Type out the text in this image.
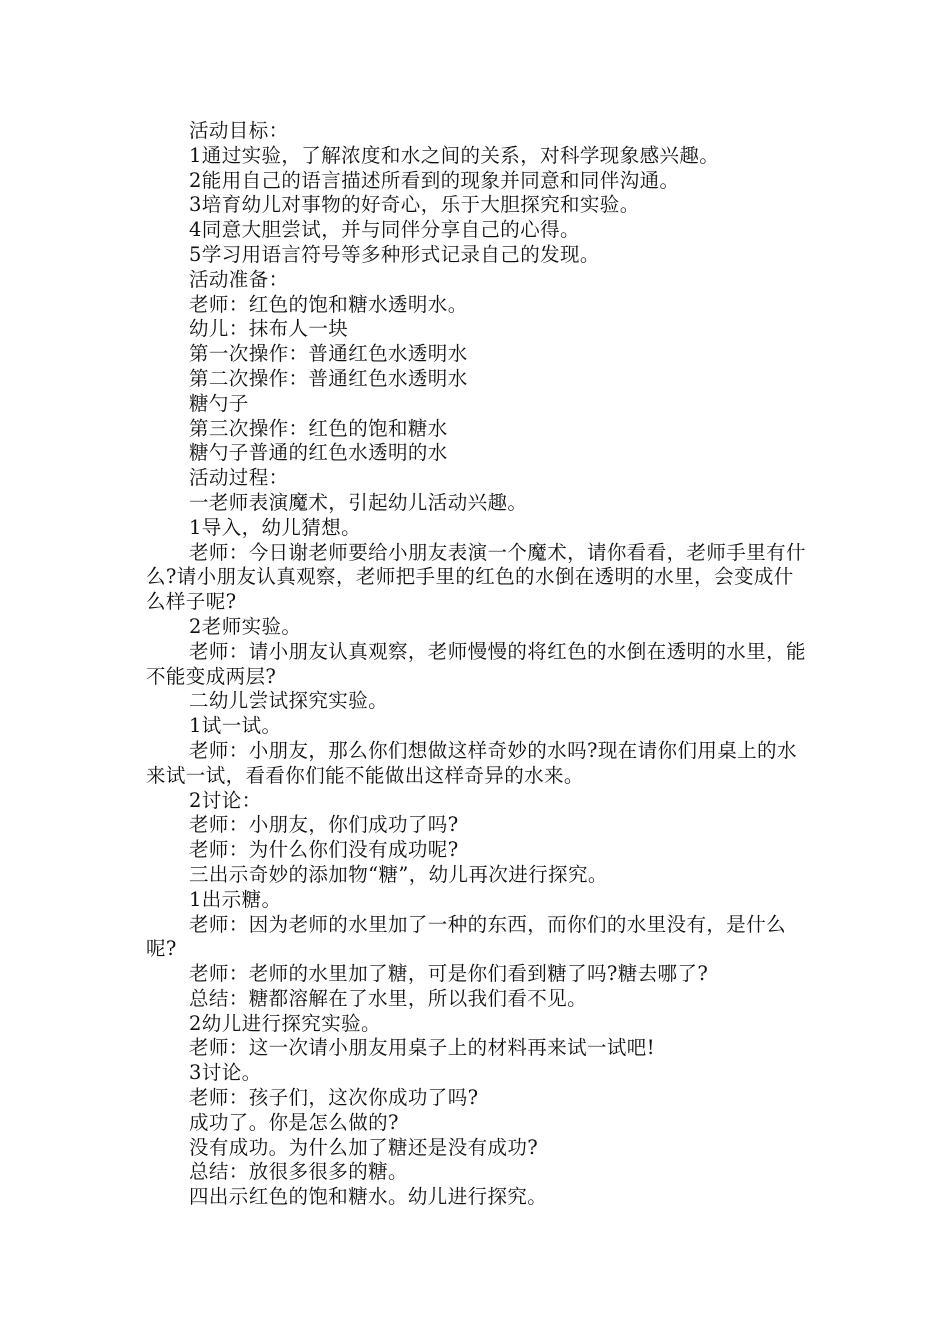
活动目标：

1通过实验，了解浓度和水之间的关系，对科学现象感兴趣。

2能用自己的语言描述所看到的现象并同意和同伴沟通。

3培育幼儿对事物的好奇心，乐于大胆探究和实验。

4同意大胆尝试，并与同伴分享自己的心得。

5学习用语言符号等多种形式记录自己的发现。

活动准备：

老师：红色的饱和糖水透明水。

幼儿：抹布人一块

第一次操作：普通红色水透明水

第二次操作：普通红色水透明水

糖勺子

第三次操作：红色的饱和糖水

糖勺子普通的红色水透明的水

活动过程：

一老师表演魔术，引起幼儿活动兴趣。

1导入，幼儿猜想。

老师：今日谢老师要给小朋友表演一个魔术，请你看看，老师手里有什么?请小朋友认真观察，老师把手里的红色的水倒在透明的水里，会变成什么样子呢?

2老师实验。

老师：请小朋友认真观察，老师慢慢的将红色的水倒在透明的水里，能不能变成两层?

二幼儿尝试探究实验。

1试一试。

老师：小朋友，那么你们想做这样奇妙的水吗?现在请你们用桌上的水来试一试，看看你们能不能做出这样奇异的水来。

2讨论：

老师：小朋友，你们成功了吗?

老师：为什么你们没有成功呢?

三出示奇妙的添加物“糖”，幼儿再次进行探究。

1出示糖。

老师：因为老师的水里加了一种的东西，而你们的水里没有，是什么呢?

老师：老师的水里加了糖，可是你们看到糖了吗?糖去哪了?

总结：糖都溶解在了水里，所以我们看不见。

2幼儿进行探究实验。

老师：这一次请小朋友用桌子上的材料再来试一试吧!

3讨论。

老师：孩子们，这次你成功了吗?

成功了。你是怎么做的?

没有成功。为什么加了糖还是没有成功?

总结：放很多很多的糖。

四出示红色的饱和糖水。幼儿进行探究。
